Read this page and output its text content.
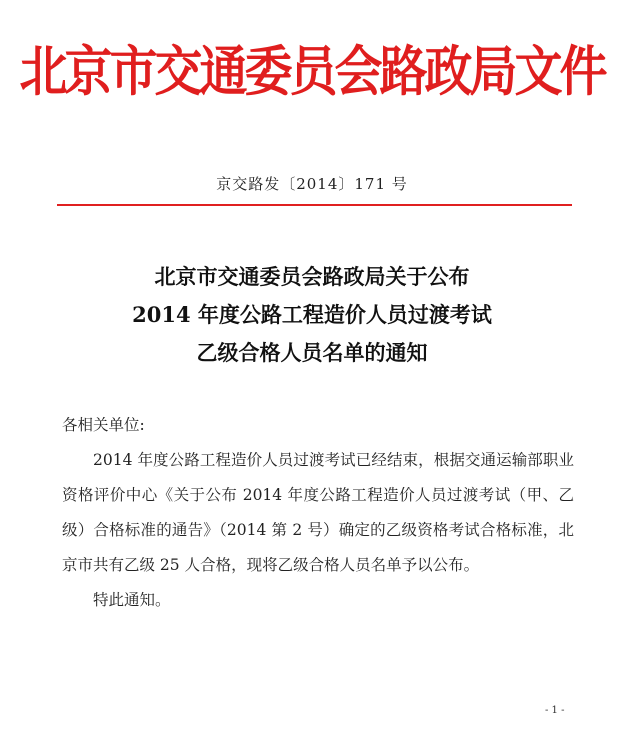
北京市交通委员会路政局文件
京交路发〔2014〕171 号
北京市交通委员会路政局关于公布
2014 年度公路工程造价人员过渡考试
乙级合格人员名单的通知

各相关单位:

2014 年度公路工程造价人员过渡考试已经结束，根据交通运输部职业资格评价中心《关于公布 2014 年度公路工程造价人员过渡考试（甲、乙级）合格标准的通告》（2014 第 2 号）确定的乙级资格考试合格标准，北京市共有乙级 25 人合格，现将乙级合格人员名单予以公布。

特此通知。

- 1 -
